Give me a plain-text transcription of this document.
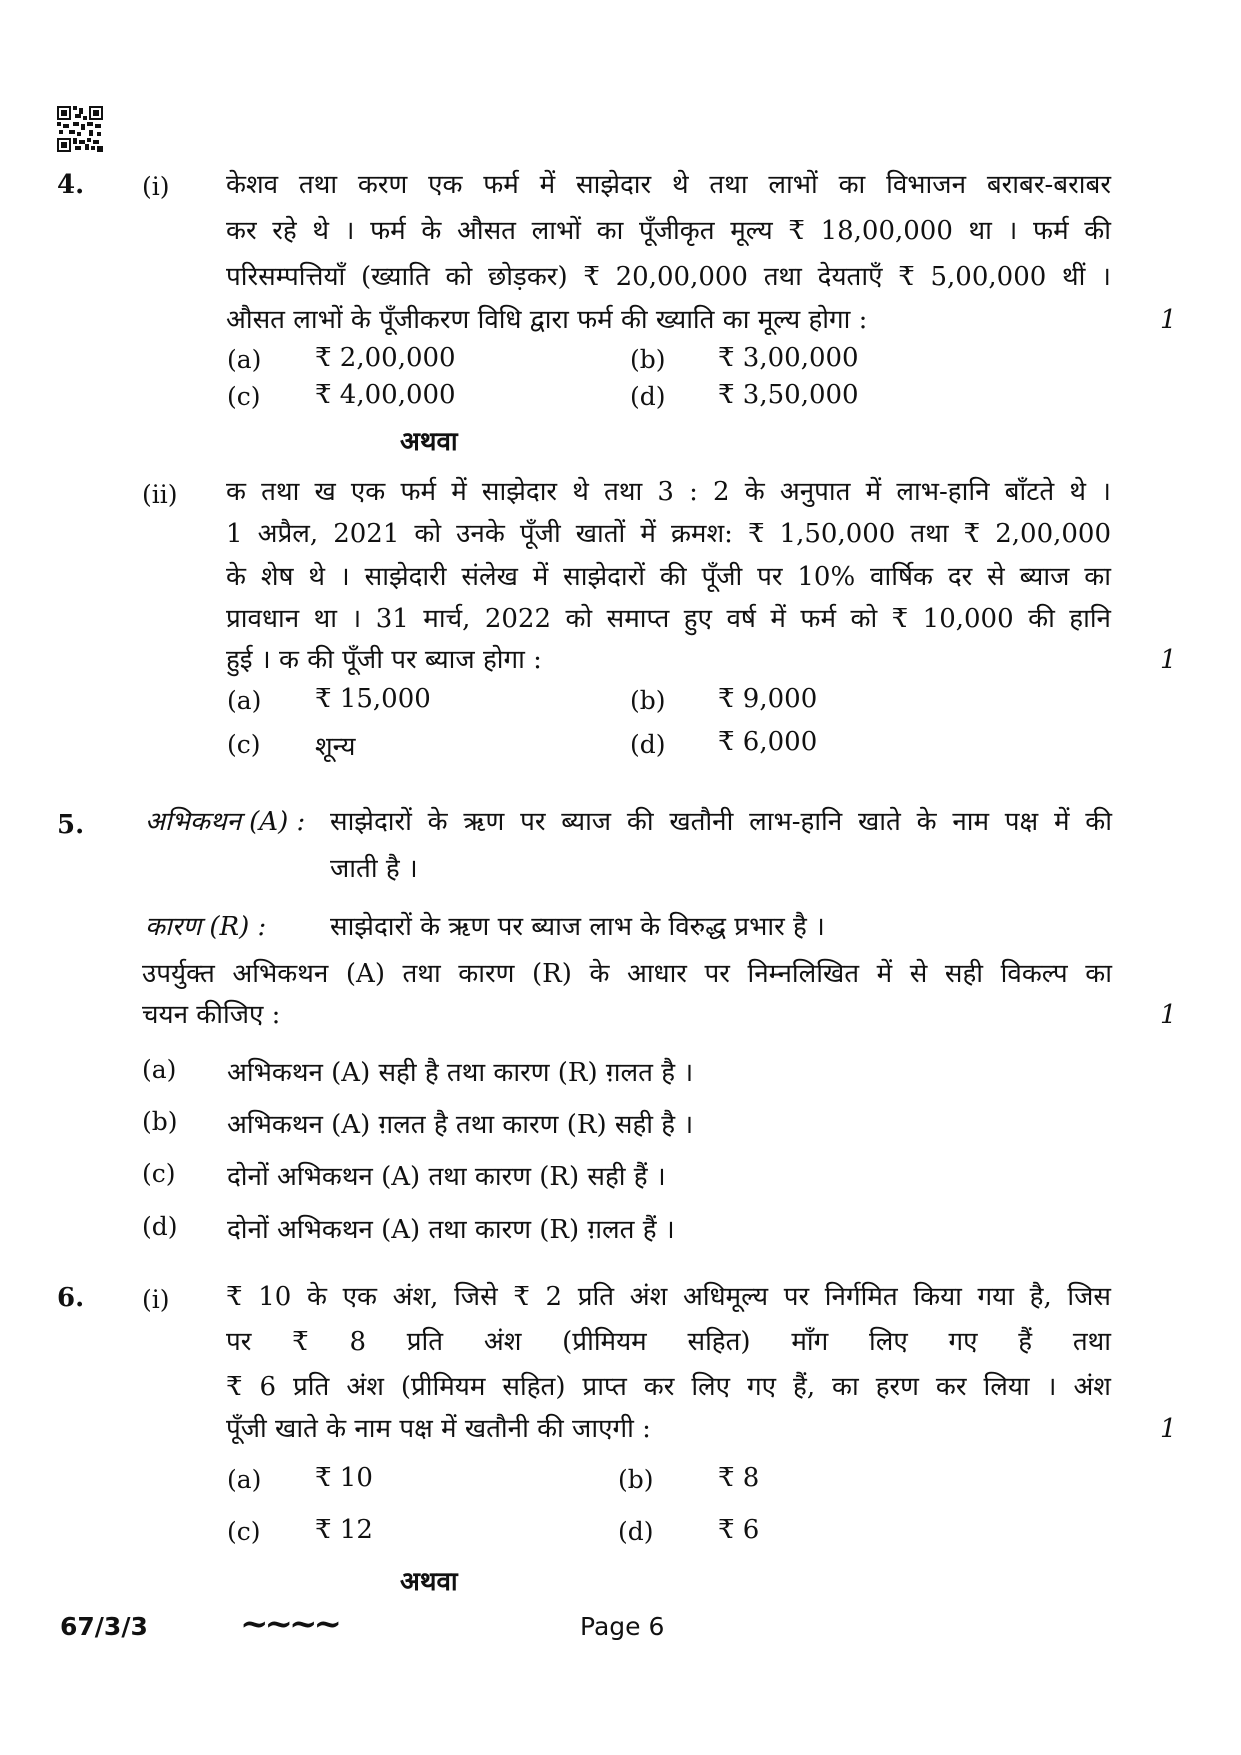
4. (i) केशव तथा करण एक फर्म में साझेदार थे तथा लाभों का विभाजन बराबर-बराबर
कर रहे थे । फर्म के औसत लाभों का पूँजीकृत मूल्य ₹ 18,00,000 था । फर्म की
परिसम्पत्तियाँ (ख्याति को छोड़कर) ₹ 20,00,000 तथा देयताएँ ₹ 5,00,000 थीं ।
औसत लाभों के पूँजीकरण विधि द्वारा फर्म की ख्याति का मूल्य होगा :	1
(a) ₹ 2,00,000	(b) ₹ 3,00,000
(c) ₹ 4,00,000	(d) ₹ 3,50,000
अथवा
(ii) क तथा ख एक फर्म में साझेदार थे तथा 3 : 2 के अनुपात में लाभ-हानि बाँटते थे ।
1 अप्रैल, 2021 को उनके पूँजी खातों में क्रमश: ₹ 1,50,000 तथा ₹ 2,00,000
के शेष थे । साझेदारी संलेख में साझेदारों की पूँजी पर 10% वार्षिक दर से ब्याज का
प्रावधान था । 31 मार्च, 2022 को समाप्त हुए वर्ष में फर्म को ₹ 10,000 की हानि
हुई । क की पूँजी पर ब्याज होगा :	1
(a) ₹ 15,000	(b) ₹ 9,000
(c) शून्य	(d) ₹ 6,000
5. अभिकथन (A) : साझेदारों के ऋण पर ब्याज की खतौनी लाभ-हानि खाते के नाम पक्ष में की
जाती है ।
कारण (R) : साझेदारों के ऋण पर ब्याज लाभ के विरुद्ध प्रभार है ।
उपर्युक्त अभिकथन (A) तथा कारण (R) के आधार पर निम्नलिखित में से सही विकल्प का
चयन कीजिए :	1
(a) अभिकथन (A) सही है तथा कारण (R) ग़लत है ।
(b) अभिकथन (A) ग़लत है तथा कारण (R) सही है ।
(c) दोनों अभिकथन (A) तथा कारण (R) सही हैं ।
(d) दोनों अभिकथन (A) तथा कारण (R) ग़लत हैं ।
6. (i) ₹ 10 के एक अंश, जिसे ₹ 2 प्रति अंश अधिमूल्य पर निर्गमित किया गया है, जिस
पर ₹ 8 प्रति अंश (प्रीमियम सहित) माँग लिए गए हैं तथा
₹ 6 प्रति अंश (प्रीमियम सहित) प्राप्त कर लिए गए हैं, का हरण कर लिया । अंश
पूँजी खाते के नाम पक्ष में खतौनी की जाएगी :	1
(a) ₹ 10	(b) ₹ 8
(c) ₹ 12	(d) ₹ 6
अथवा
67/3/3	~~~~	Page 6
